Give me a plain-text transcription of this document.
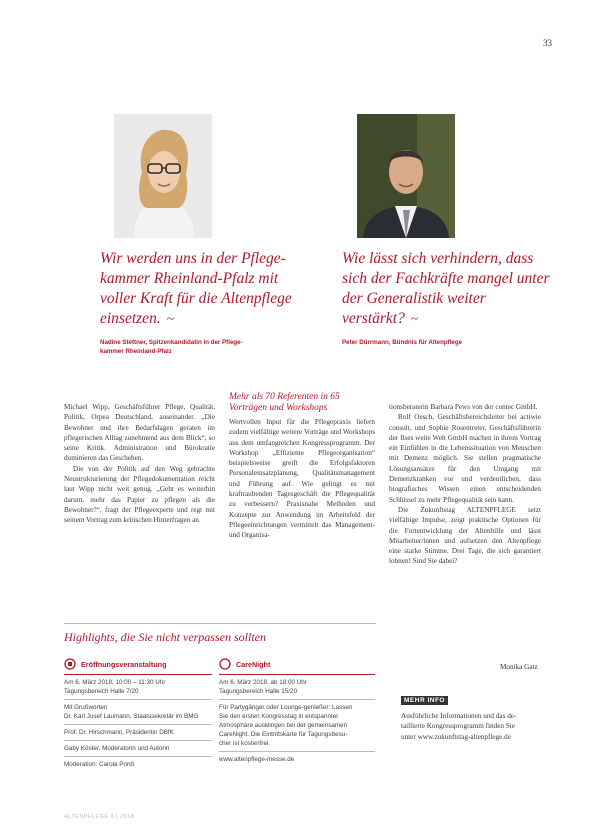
33

Wir werden uns in der Pflege-kammer Rheinland-Pfalz mit voller Kraft für die Altenpflege einsetzen. ~

Nadine Stettner, Spitzenkandidatin in der Pflege-
kammer Rheinland-Pfalz

Wie lässt sich verhindern, dass sich der Fachkräfte mangel unter der Generalistik weiter verstärkt? ~

Peter Dürrmann, Bündnis für Altenpflege

Michael Wipp, Geschäftsführer Pflege, Qualität, Politik, Orpea Deutschland, auseinander. „Die Bewohner und ihre Bedarfslagen geraten im pflegerischen Alltag zunehmend aus dem Blick“, so seine Kritik. Administration und Bürokratie dominieren das Geschehen.

Die von der Politik auf den Weg gebrachte Neustrukturierung der Pflegedokumentation reicht laut Wipp nicht weit genug. „Geht es weiterhin darum, mehr das Papier zu pflegen als die Bewohner?“, fragt der Pflegeexperte und regt mit seinem Vortrag zum kritischen Hinterfragen an.

Mehr als 70 Referenten in 65 Vorträgen und Workshops
Wertvollen Input für die Pflegepraxis liefern zudem vielfältige weitere Vorträge und Workshops aus dem umfangreichen Kongressprogramm. Der Workshop „Effiziente Pflegeorganisation“ beispielsweise greift die Erfolgsfaktoren Personaleinsatzplanung, Qualitätsmanagement und Führung auf. Wie gelingt es mit kraftraubenden Tagesgeschäft die Pflegequalität zu verbessern? Praxisnahe Methoden und Konzepte zur Anwendung im Arbeitsfeld der Pflegeeinrichtungen vermittelt das Management- und Organisa-

tionsberaterin Barbara Pews von der contec GmbH.

Rolf Oesch, Geschäftsbereichsleiter bei actiwie consult, und Sophie Rosentreter, Geschäftsführerin der Ilses weite Welt GmbH machen in ihrem Vortrag ein Einfühlen in die Lebenssituation von Menschen mit Demenz möglich. Sie stellen pragmatische Lösungsansätze für den Umgang mit Demenzkranken vor und verdeutlichen, dass biografisches Wissen einen entscheidenden Schlüssel zu mehr Pflegequalität sein kann.

Die Zukunftstag ALTENPFLEGE setzt vielfältige Impulse, zeigt praktische Optionen für die Fortentwicklung der Altenhilfe und lässt Mitarbeiter/innen und aufsetzen den Altenpflege eine starke Stimme. Drei Tage, die sich garantiert lohnen! Sind Sie dabei?

Monika Gatz
Highlights, die Sie nicht verpassen sollten
Eröffnungsveranstaltung
Am 6. März 2018, 10:00 – 11:30 Uhr
Tagungsbereich Halle 7/20
Mit Grußworten
Dr. Karl Josef Laumann, Staatssekretär im BMG
Prof. Dr. Hirschmann, Präsidentin DBfK
Gaby Köster, Moderatorin und Autorin
Moderation: Carola Pordi
CareNight
Am 6. März 2018, ab 18:00 Uhr
Tagungsbereich Halle 15/20
Für Partygänger oder Lounge-genießer: Lassen
Sie den ersten Kongresstag in entspannter
Atmosphäre ausklingen bei der gemeinsamen
CareNight. Die Eintrittskarte für Tagungsbesu-
cher ist kostenfrei.
www.altenpflege-messe.de
MEHR INFO
Ausführliche Informationen und das de-
taillierte Kongressprogramm finden Sie
unter www.zukunftstag-altenpflege.de
ALTENPFLEGE 3 | 2018
